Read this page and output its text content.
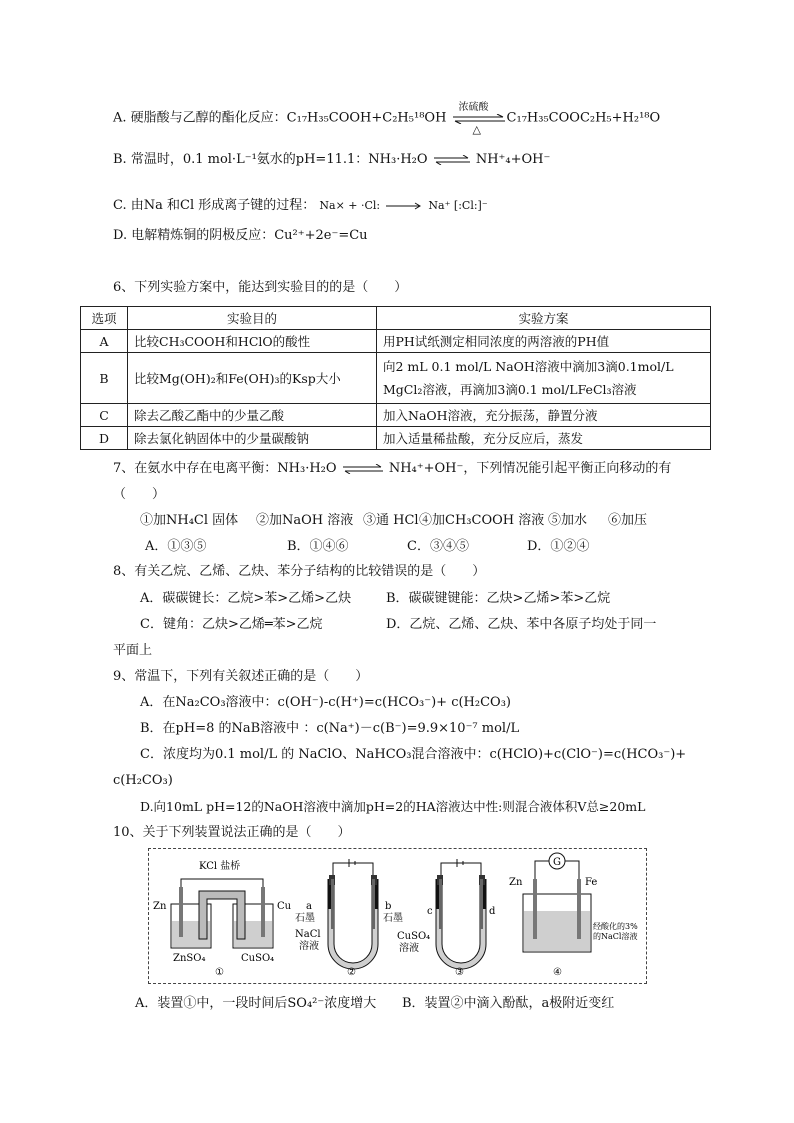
A. 硬脂酸与乙醇的酯化反应：C₁₇H₃₅COOH+C₂H₅¹⁸OH
浓硫酸
△
C₁₇H₃₅COOC₂H₅+H₂¹⁸O
B. 常温时，0.1 mol·L⁻¹氨水的pH=11.1：NH₃·H₂O ⇌ NH⁺₄+OH⁻
C. 由Na 和Cl 形成离子键的过程： Na× + ·Cl:	Na⁺ [:Cl:]⁻
D. 电解精炼铜的阴极反应：Cu²⁺+2e⁻=Cu
6、下列实验方案中，能达到实验目的的是（　　）
选项	实验目的	实验方案
A	比较CH₃COOH和HClO的酸性	用PH试纸测定相同浓度的两溶液的PH值
B	比较Mg(OH)₂和Fe(OH)₃的Ksp大小	向2 mL 0.1 mol/L NaOH溶液中滴加3滴0.1mol/L MgCl₂溶液，再滴加3滴0.1 mol/LFeCl₃溶液
C	除去乙酸乙酯中的少量乙酸	加入NaOH溶液，充分振荡，静置分液
D	除去氯化钠固体中的少量碳酸钠	加入适量稀盐酸，充分反应后，蒸发
7、在氨水中存在电离平衡：NH₃·H₂O ⇌ NH₄⁺+OH⁻，下列情况能引起平衡正向移动的有
（　　）
①加NH₄Cl 固体 ②加NaOH 溶液 ③通 HCl④加CH₃COOH 溶液 ⑤加水 ⑥加压
A．①③⑤	B．①④⑥	C．③④⑤	D．①②④
8、有关乙烷、乙烯、乙炔、苯分子结构的比较错误的是（　　）
A．碳碳键长：乙烷>苯>乙烯>乙炔	B．碳碳键键能：乙炔>乙烯>苯>乙烷
C．键角：乙炔>乙烯═苯>乙烷	D．乙烷、乙烯、乙炔、苯中各原子均处于同一
平面上
9、常温下，下列有关叙述正确的是（　　）
A．在Na₂CO₃溶液中：c(OH⁻)-c(H⁺)=c(HCO₃⁻)+ c(H₂CO₃)
B．在pH=8 的NaB溶液中 ：c(Na⁺)－c(B⁻)=9.9×10⁻⁷ mol/L
C．浓度均为0.1 mol/L 的 NaClO、NaHCO₃混合溶液中：c(HClO)+c(ClO⁻)=c(HCO₃⁻)+
c(H₂CO₃)
D.向10mL pH=12的NaOH溶液中滴加pH=2的HA溶液达中性:则混合液体积V总≥20mL
10、关于下列装置说法正确的是（　　）
KCl 盐桥
Zn	Cu
ZnSO₄	CuSO₄
①
a	b
石墨	石墨
NaCl
溶液
②
c	d
CuSO₄
溶液
③
G
Zn	Fe
经酸化的3%
的NaCl溶液
④
A．装置①中，一段时间后SO₄²⁻浓度增大 B．装置②中滴入酚酞，a极附近变红
